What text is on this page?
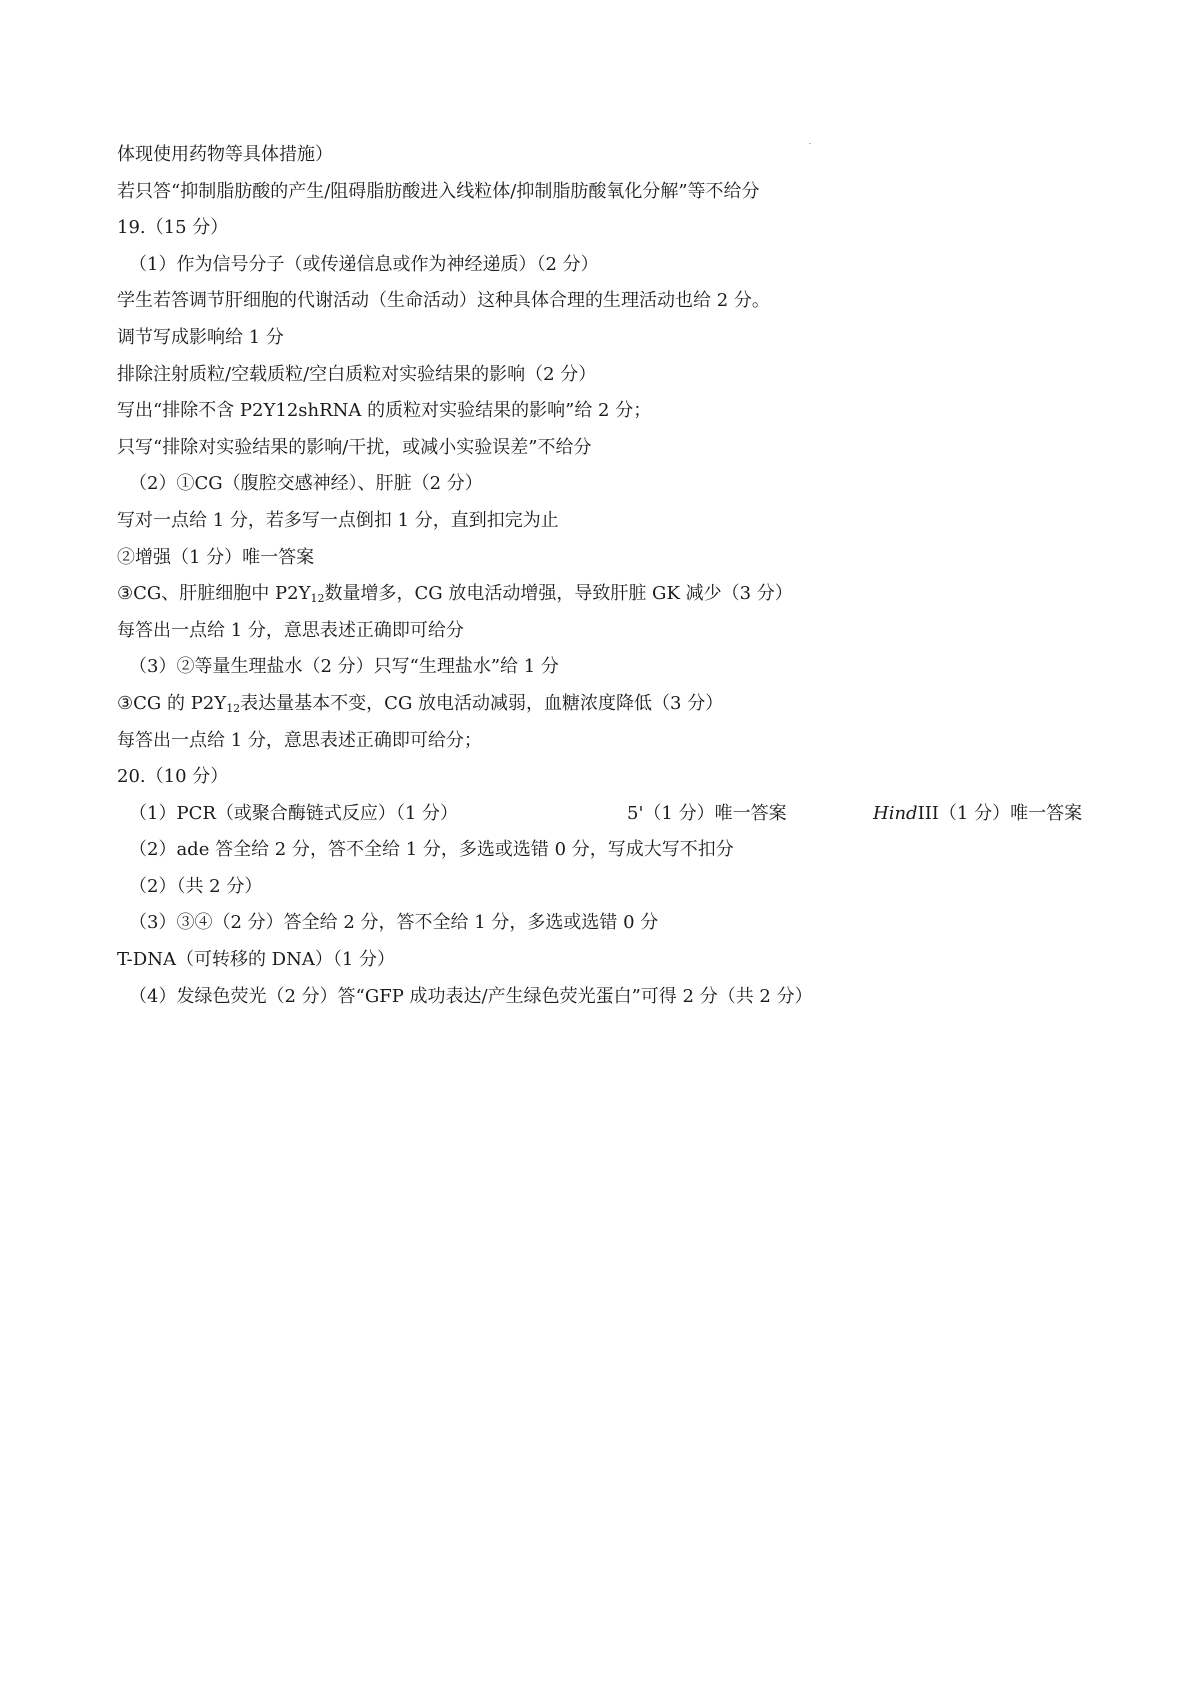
体现使用药物等具体措施）
若只答“抑制脂肪酸的产生/阻碍脂肪酸进入线粒体/抑制脂肪酸氧化分解”等不给分
19.（15 分）
（1）作为信号分子（或传递信息或作为神经递质）（2 分）
学生若答调节肝细胞的代谢活动（生命活动）这种具体合理的生理活动也给 2 分。
调节写成影响给 1 分
排除注射质粒/空载质粒/空白质粒对实验结果的影响（2 分）
写出“排除不含 P2Y12shRNA 的质粒对实验结果的影响”给 2 分；
只写“排除对实验结果的影响/干扰，或减小实验误差”不给分
（2）①CG（腹腔交感神经）、肝脏（2 分）
写对一点给 1 分，若多写一点倒扣 1 分，直到扣完为止
②增强（1 分）唯一答案
③CG、肝脏细胞中 P2Y12数量增多，CG 放电活动增强，导致肝脏 GK 减少（3 分）
每答出一点给 1 分，意思表述正确即可给分
（3）②等量生理盐水（2 分）只写“生理盐水”给 1 分
③CG 的 P2Y12表达量基本不变，CG 放电活动减弱，血糖浓度降低（3 分）
每答出一点给 1 分，意思表述正确即可给分；
20.（10 分）
（1）PCR（或聚合酶链式反应）（1 分）	5'（1 分）唯一答案	HindIII（1 分）唯一答案
（2）ade 答全给 2 分，答不全给 1 分，多选或选错 0 分，写成大写不扣分
（2）（共 2 分）
（3）③④（2 分）答全给 2 分，答不全给 1 分，多选或选错 0 分
T-DNA（可转移的 DNA）（1 分）
（4）发绿色荧光（2 分）答“GFP 成功表达/产生绿色荧光蛋白”可得 2 分（共 2 分）
